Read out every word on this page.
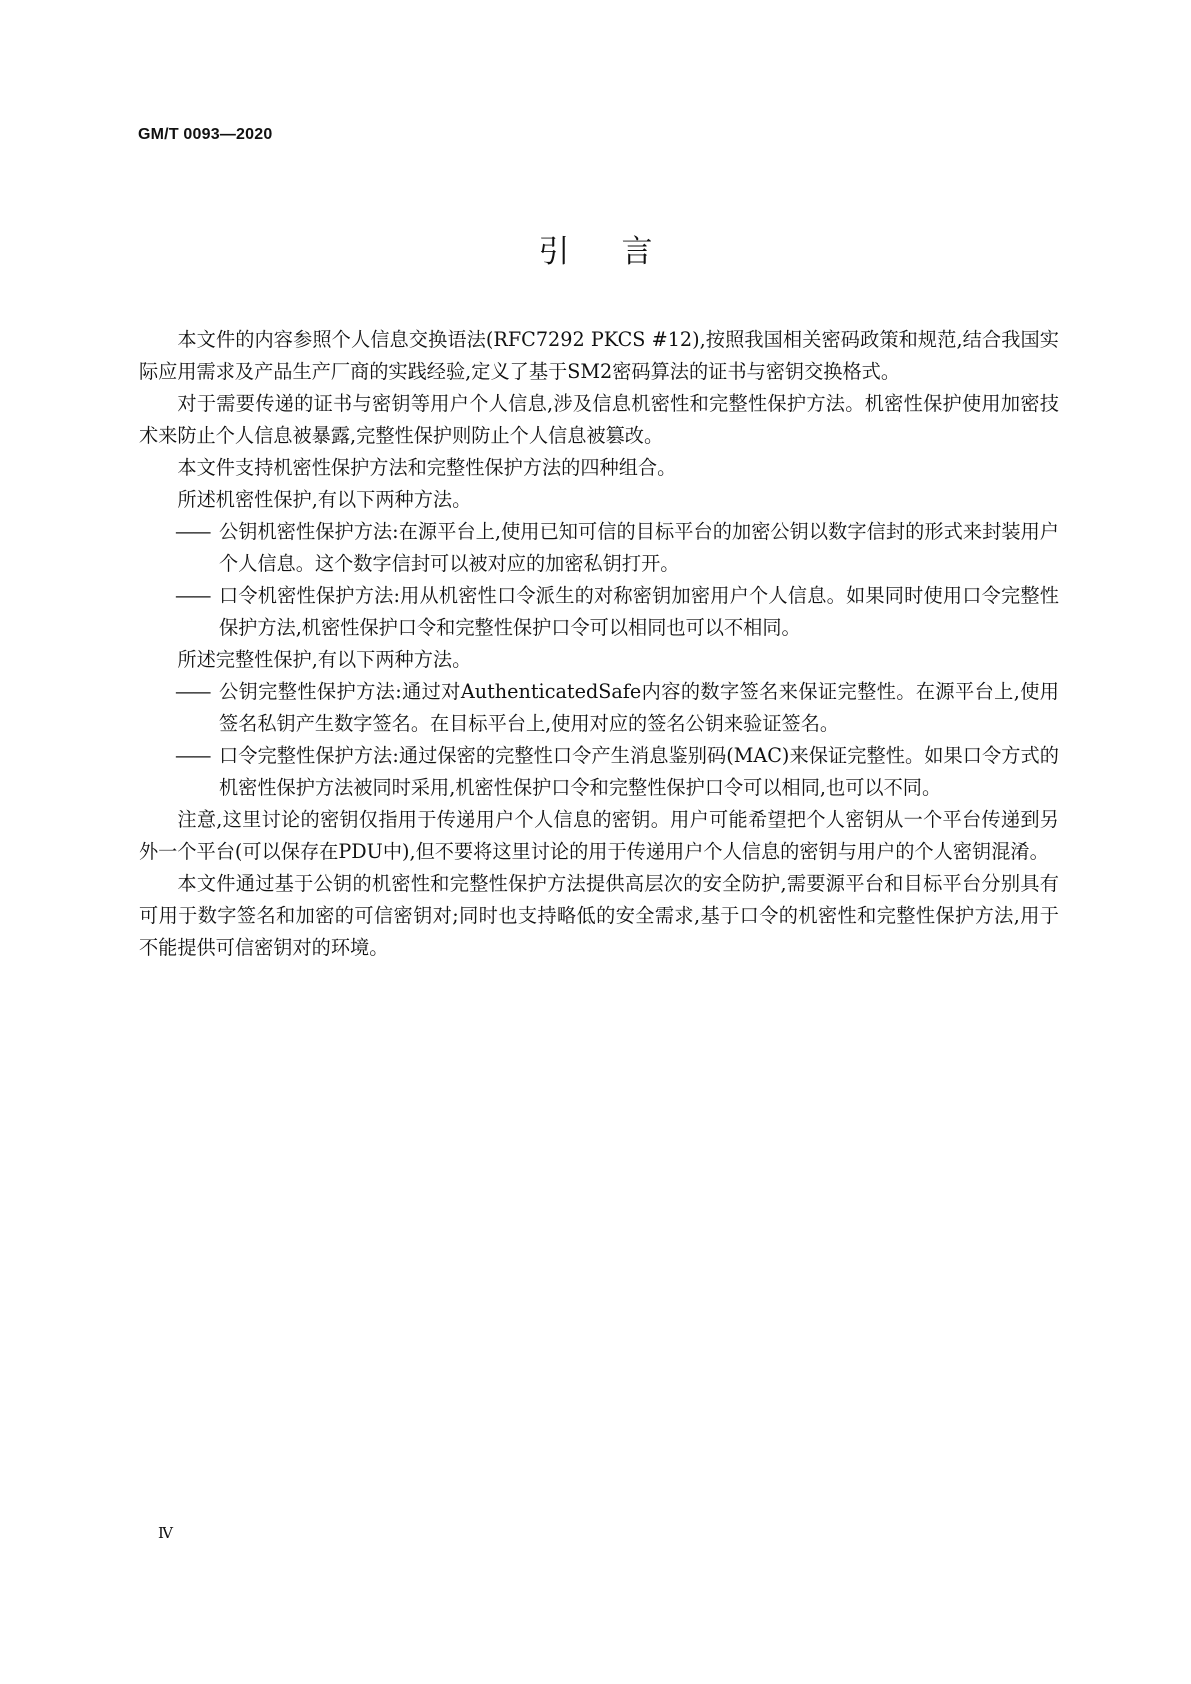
GM/T 0093—2020
引言

本文件的内容参照个人信息交换语法(RFC7292 PKCS #12),按照我国相关密码政策和规范,结合我国实际应用需求及产品生产厂商的实践经验,定义了基于SM2密码算法的证书与密钥交换格式。

对于需要传递的证书与密钥等用户个人信息,涉及信息机密性和完整性保护方法。机密性保护使用加密技术来防止个人信息被暴露,完整性保护则防止个人信息被篡改。

本文件支持机密性保护方法和完整性保护方法的四种组合。

所述机密性保护,有以下两种方法。

—— 公钥机密性保护方法:在源平台上,使用已知可信的目标平台的加密公钥以数字信封的形式来封装用户个人信息。这个数字信封可以被对应的加密私钥打开。

—— 口令机密性保护方法:用从机密性口令派生的对称密钥加密用户个人信息。如果同时使用口令完整性保护方法,机密性保护口令和完整性保护口令可以相同也可以不相同。

所述完整性保护,有以下两种方法。

—— 公钥完整性保护方法:通过对AuthenticatedSafe内容的数字签名来保证完整性。在源平台上,使用签名私钥产生数字签名。在目标平台上,使用对应的签名公钥来验证签名。

—— 口令完整性保护方法:通过保密的完整性口令产生消息鉴别码(MAC)来保证完整性。如果口令方式的机密性保护方法被同时采用,机密性保护口令和完整性保护口令可以相同,也可以不同。

注意,这里讨论的密钥仅指用于传递用户个人信息的密钥。用户可能希望把个人密钥从一个平台传递到另外一个平台(可以保存在PDU中),但不要将这里讨论的用于传递用户个人信息的密钥与用户的个人密钥混淆。

本文件通过基于公钥的机密性和完整性保护方法提供高层次的安全防护,需要源平台和目标平台分别具有可用于数字签名和加密的可信密钥对;同时也支持略低的安全需求,基于口令的机密性和完整性保护方法,用于不能提供可信密钥对的环境。

Ⅳ
